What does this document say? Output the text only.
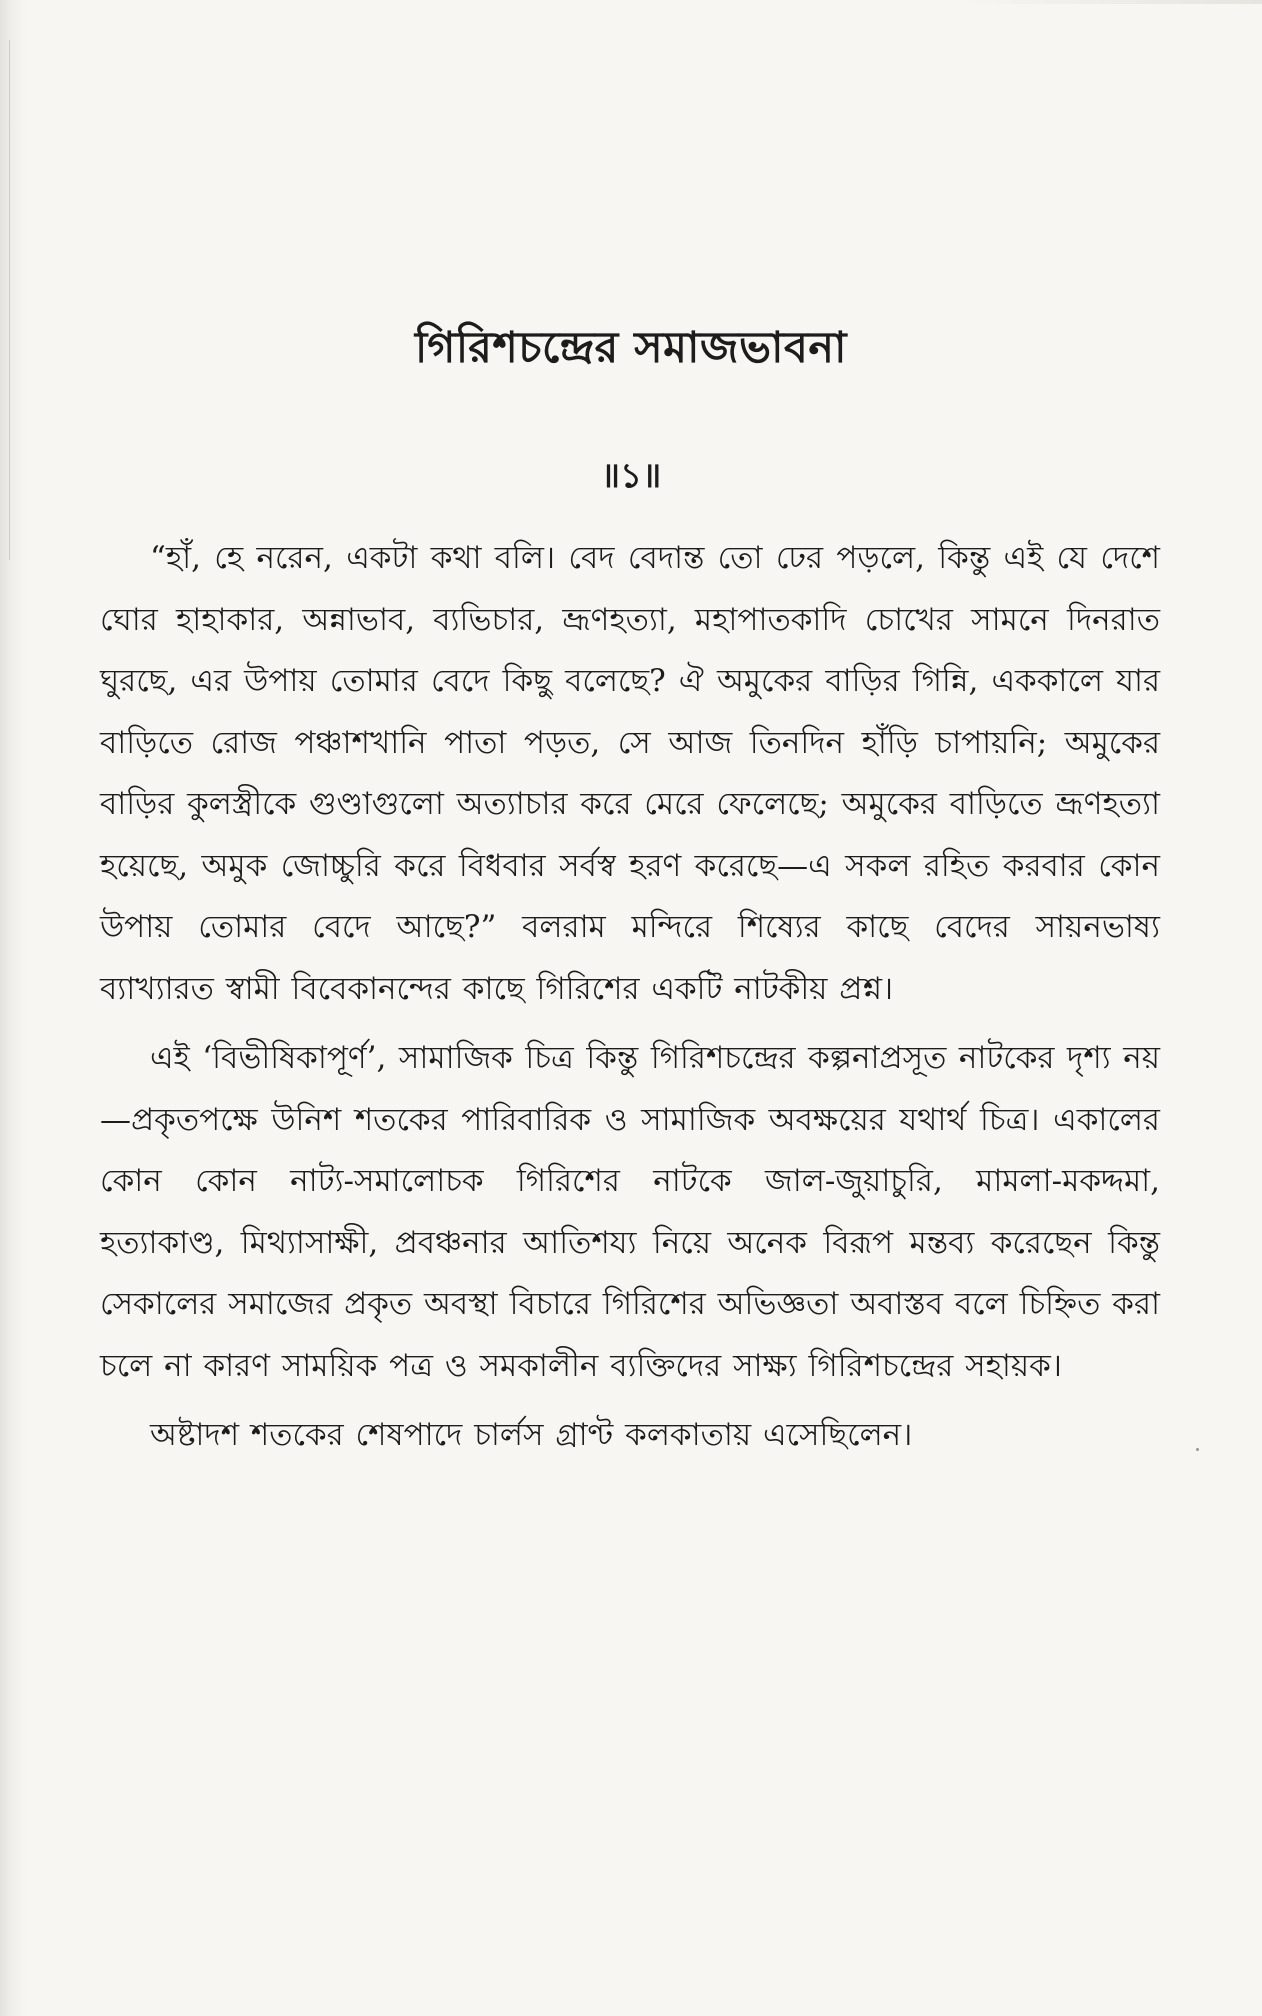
গিরিশচন্দ্রের সমাজভাবনা
॥১॥

“হাঁ, হে নরেন, একটা কথা বলি। বেদ বেদান্ত তো ঢের পড়লে, কিন্তু এই যে দেশে ঘোর হাহাকার, অন্নাভাব, ব্যভিচার, ভ্রূণহত্যা, মহাপাতকাদি চোখের সামনে দিনরাত ঘুরছে, এর উপায় তোমার বেদে কিছু বলেছে? ঐ অমুকের বাড়ির গিন্নি, এককালে যার বাড়িতে রোজ পঞ্চাশখানি পাতা পড়ত, সে আজ তিনদিন হাঁড়ি চাপায়নি; অমুকের বাড়ির কুলস্ত্রীকে গুণ্ডাগুলো অত্যাচার করে মেরে ফেলেছে; অমুকের বাড়িতে ভ্রূণহত্যা হয়েছে, অমুক জোচ্চুরি করে বিধবার সর্বস্ব হরণ করেছে—এ সকল রহিত করবার কোন উপায় তোমার বেদে আছে?” বলরাম মন্দিরে শিষ্যের কাছে বেদের সায়নভাষ্য ব্যাখ্যারত স্বামী বিবেকানন্দের কাছে গিরিশের একটি নাটকীয় প্রশ্ন।

এই ‘বিভীষিকাপূর্ণ’, সামাজিক চিত্র কিন্তু গিরিশচন্দ্রের কল্পনাপ্রসূত নাটকের দৃশ্য নয়—প্রকৃতপক্ষে উনিশ শতকের পারিবারিক ও সামাজিক অবক্ষয়ের যথার্থ চিত্র। একালের কোন কোন নাট্য-সমালোচক গিরিশের নাটকে জাল-জুয়াচুরি, মামলা-মকদ্দমা, হত্যাকাণ্ড, মিথ্যাসাক্ষী, প্রবঞ্চনার আতিশয্য নিয়ে অনেক বিরূপ মন্তব্য করেছেন কিন্তু সেকালের সমাজের প্রকৃত অবস্থা বিচারে গিরিশের অভিজ্ঞতা অবাস্তব বলে চিহ্নিত করা চলে না কারণ সাময়িক পত্র ও সমকালীন ব্যক্তিদের সাক্ষ্য গিরিশচন্দ্রের সহায়ক।

অষ্টাদশ শতকের শেষপাদে চার্লস গ্রাণ্ট কলকাতায় এসেছিলেন।
